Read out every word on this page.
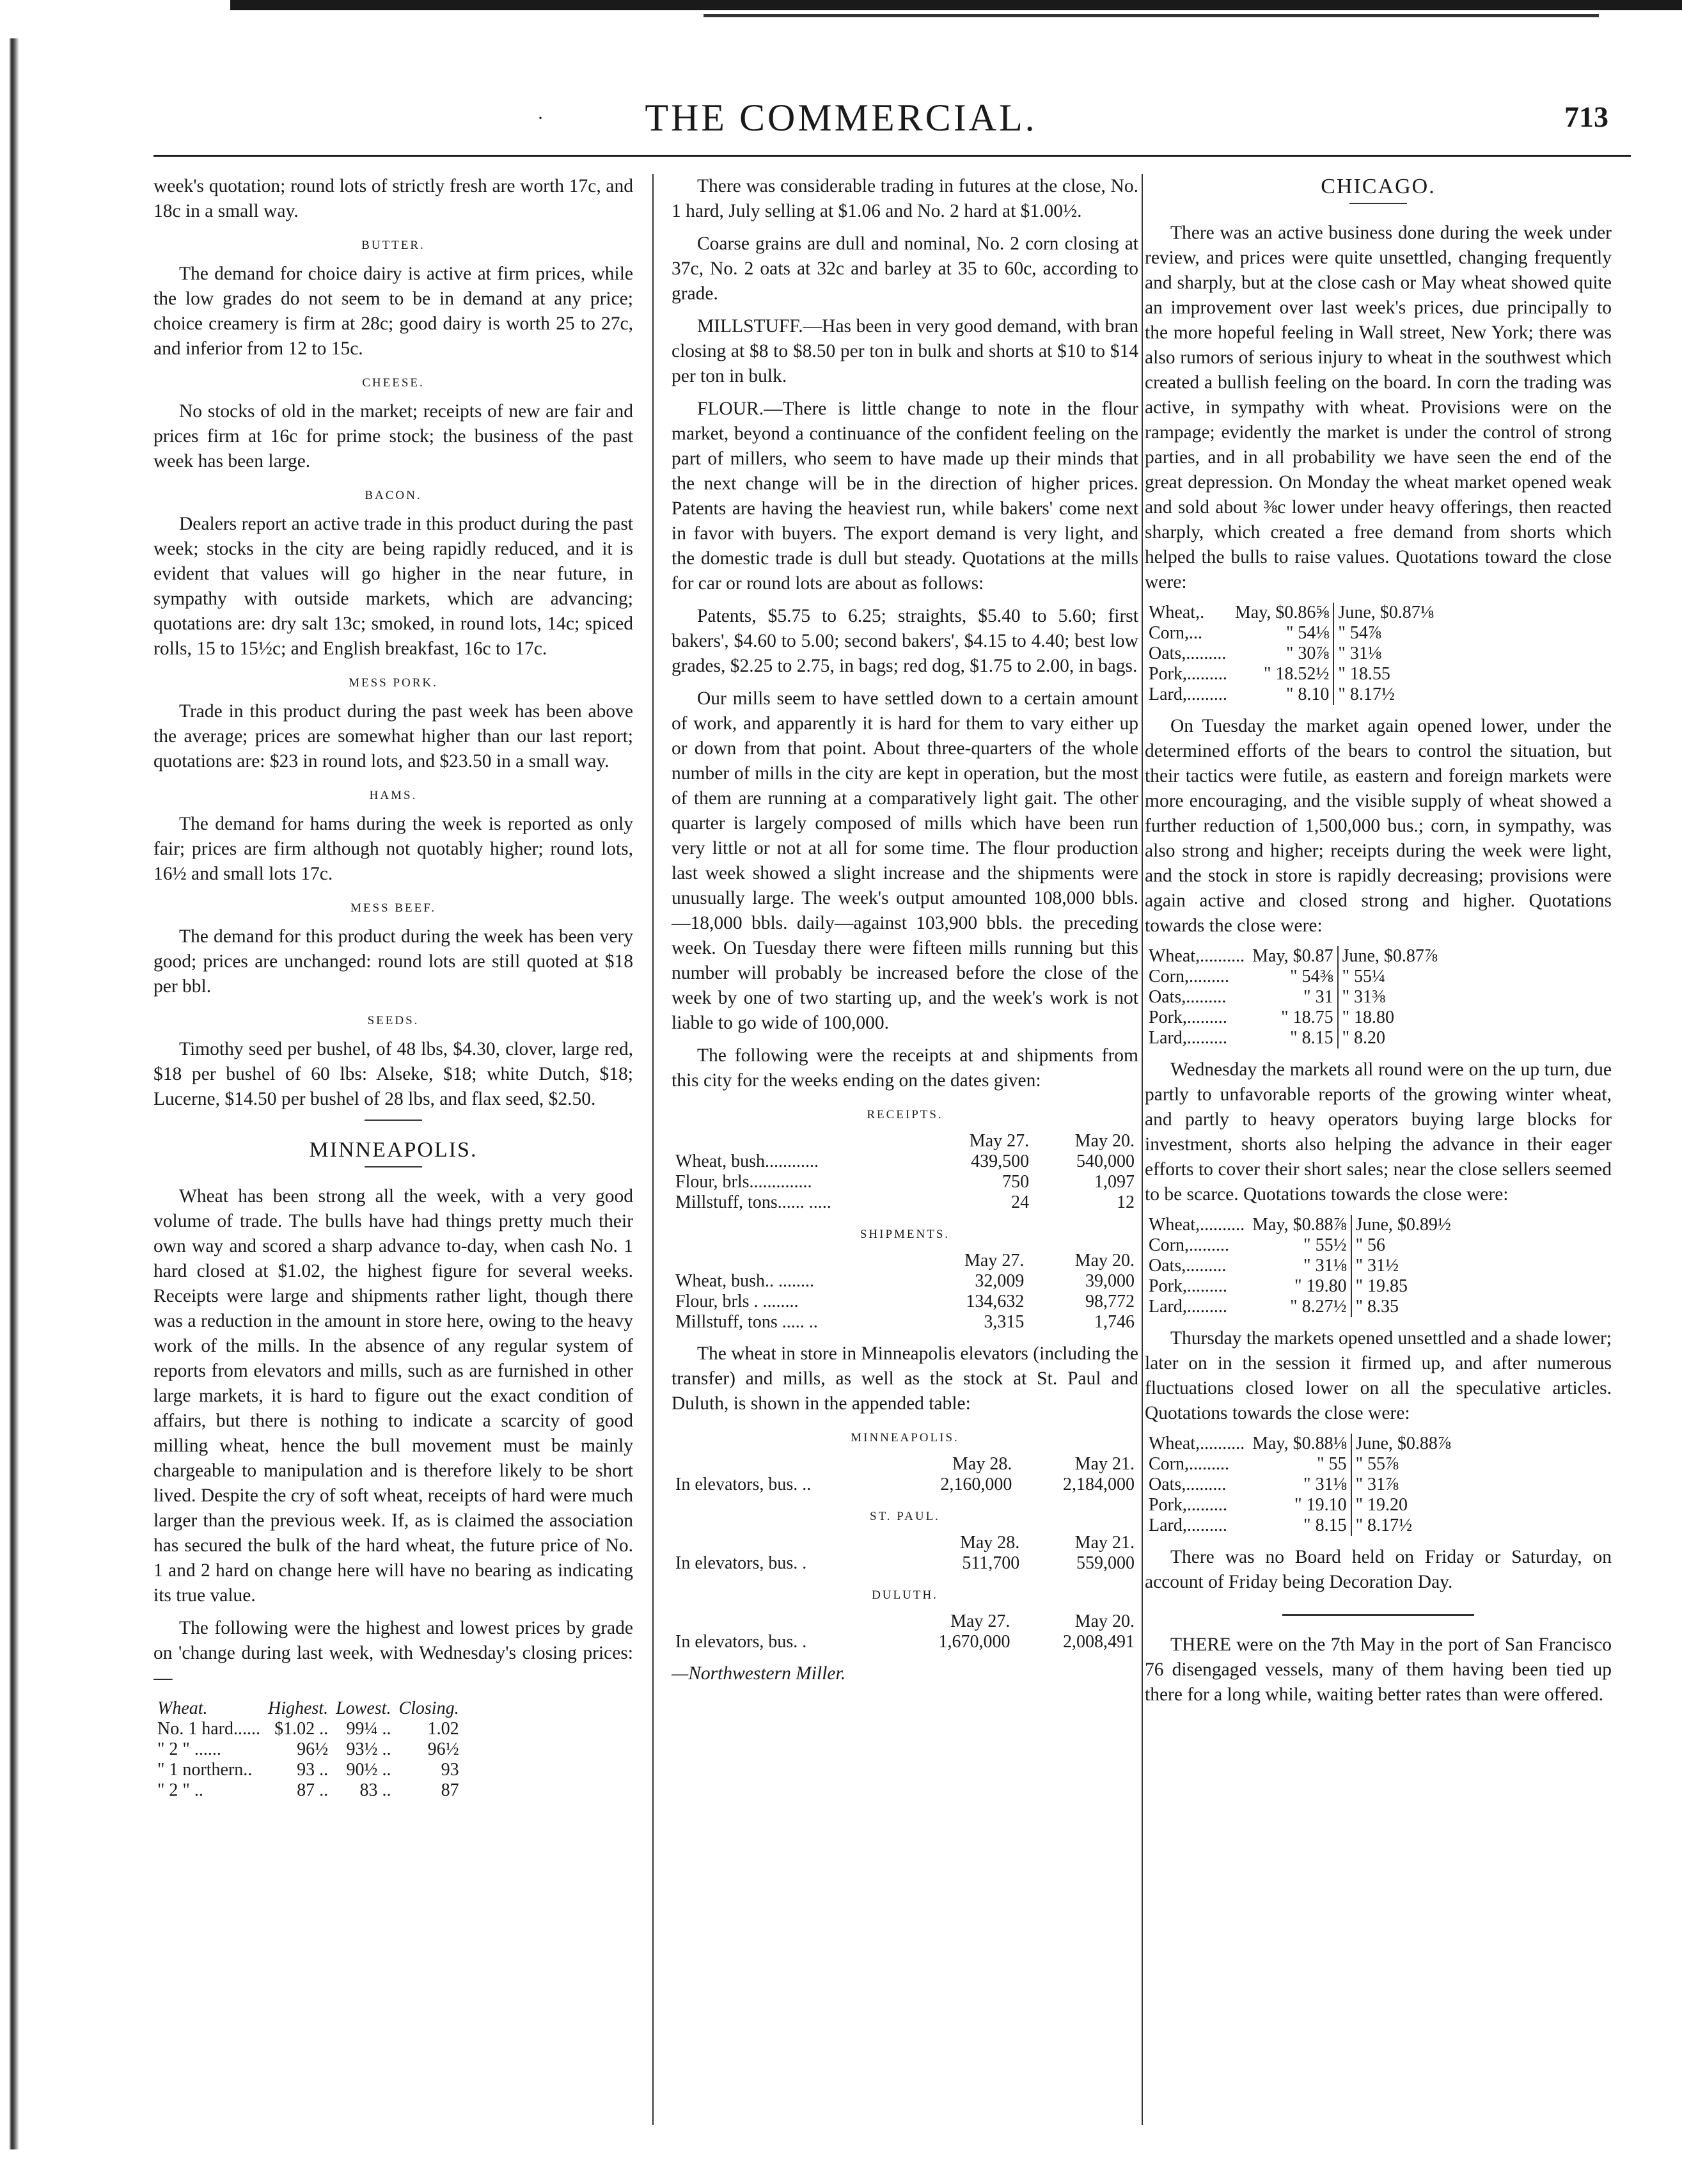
·	THE COMMERCIAL.	713

week's quotation; round lots of strictly fresh are worth 17c, and 18c in a small way.

BUTTER.

The demand for choice dairy is active at firm prices, while the low grades do not seem to be in demand at any price; choice creamery is firm at 28c; good dairy is worth 25 to 27c, and inferior from 12 to 15c.

CHEESE.

No stocks of old in the market; receipts of new are fair and prices firm at 16c for prime stock; the business of the past week has been large.

BACON.

Dealers report an active trade in this product during the past week; stocks in the city are being rapidly reduced, and it is evident that values will go higher in the near future, in sympathy with outside markets, which are advancing; quotations are: dry salt 13c; smoked, in round lots, 14c; spiced rolls, 15 to 15½c; and English breakfast, 16c to 17c.

MESS PORK.

Trade in this product during the past week has been above the average; prices are somewhat higher than our last report; quotations are: $23 in round lots, and $23.50 in a small way.

HAMS.

The demand for hams during the week is reported as only fair; prices are firm although not quotably higher; round lots, 16½ and small lots 17c.

MESS BEEF.

The demand for this product during the week has been very good; prices are unchanged: round lots are still quoted at $18 per bbl.

SEEDS.

Timothy seed per bushel, of 48 lbs, $4.30, clover, large red, $18 per bushel of 60 lbs: Alseke, $18; white Dutch, $18; Lucerne, $14.50 per bushel of 28 lbs, and flax seed, $2.50.

MINNEAPOLIS.

Wheat has been strong all the week, with a very good volume of trade. The bulls have had things pretty much their own way and scored a sharp advance to-day, when cash No. 1 hard closed at $1.02, the highest figure for several weeks. Receipts were large and shipments rather light, though there was a reduction in the amount in store here, owing to the heavy work of the mills. In the absence of any regular system of reports from elevators and mills, such as are furnished in other large markets, it is hard to figure out the exact condition of affairs, but there is nothing to indicate a scarcity of good milling wheat, hence the bull movement must be mainly chargeable to manipulation and is therefore likely to be short lived. Despite the cry of soft wheat, receipts of hard were much larger than the previous week. If, as is claimed the association has secured the bulk of the hard wheat, the future price of No. 1 and 2 hard on change here will have no bearing as indicating its true value.

The following were the highest and lowest prices by grade on 'change during last week, with Wednesday's closing prices:—

Wheat.	Highest.	Lowest.	Closing.
No. 1 hard......	$1.02 ..	99¼ ..	1.02
" 2 " ......	96½	93½ ..	96½
" 1 northern..	93 ..	90½ ..	93
" 2 " ..	87 ..	83 ..	87

There was considerable trading in futures at the close, No. 1 hard, July selling at $1.06 and No. 2 hard at $1.00½.

Coarse grains are dull and nominal, No. 2 corn closing at 37c, No. 2 oats at 32c and barley at 35 to 60c, according to grade.

MILLSTUFF.—Has been in very good demand, with bran closing at $8 to $8.50 per ton in bulk and shorts at $10 to $14 per ton in bulk.

FLOUR.—There is little change to note in the flour market, beyond a continuance of the confident feeling on the part of millers, who seem to have made up their minds that the next change will be in the direction of higher prices. Patents are having the heaviest run, while bakers' come next in favor with buyers. The export demand is very light, and the domestic trade is dull but steady. Quotations at the mills for car or round lots are about as follows:

Patents, $5.75 to 6.25; straights, $5.40 to 5.60; first bakers', $4.60 to 5.00; second bakers', $4.15 to 4.40; best low grades, $2.25 to 2.75, in bags; red dog, $1.75 to 2.00, in bags.

Our mills seem to have settled down to a certain amount of work, and apparently it is hard for them to vary either up or down from that point. About three-quarters of the whole number of mills in the city are kept in operation, but the most of them are running at a comparatively light gait. The other quarter is largely composed of mills which have been run very little or not at all for some time. The flour production last week showed a slight increase and the shipments were unusually large. The week's output amounted 108,000 bbls.—18,000 bbls. daily—against 103,900 bbls. the preceding week. On Tuesday there were fifteen mills running but this number will probably be increased before the close of the week by one of two starting up, and the week's work is not liable to go wide of 100,000.

The following were the receipts at and shipments from this city for the weeks ending on the dates given:

RECEIPTS.
	May 27.	May 20.
Wheat, bush............	439,500	540,000
Flour, brls..............	750	1,097
Millstuff, tons...... .....	24	12
SHIPMENTS.
	May 27.	May 20.
Wheat, bush.. ........	32,009	39,000
Flour, brls . ........	134,632	98,772
Millstuff, tons ..... ..	3,315	1,746

The wheat in store in Minneapolis elevators (including the transfer) and mills, as well as the stock at St. Paul and Duluth, is shown in the appended table:

MINNEAPOLIS.
	May 28.	May 21.
In elevators, bus. ..	2,160,000	2,184,000
ST. PAUL.
	May 28.	May 21.
In elevators, bus. .	511,700	559,000
DULUTH.
	May 27.	May 20.
In elevators, bus. .	1,670,000	2,008,491

—Northwestern Miller.

CHICAGO.

There was an active business done during the week under review, and prices were quite unsettled, changing frequently and sharply, but at the close cash or May wheat showed quite an improvement over last week's prices, due principally to the more hopeful feeling in Wall street, New York; there was also rumors of serious injury to wheat in the southwest which created a bullish feeling on the board. In corn the trading was active, in sympathy with wheat. Provisions were on the rampage; evidently the market is under the control of strong parties, and in all probability we have seen the end of the great depression. On Monday the wheat market opened weak and sold about ⅜c lower under heavy offerings, then reacted sharply, which created a free demand from shorts which helped the bulls to raise values. Quotations toward the close were:

Wheat,.	May, $0.86⅝	June, $0.87⅛
Corn,...	" 54⅛	" 54⅞
Oats,.........	" 30⅞	" 31⅛
Pork,.........	" 18.52½	" 18.55
Lard,.........	" 8.10	" 8.17½

On Tuesday the market again opened lower, under the determined efforts of the bears to control the situation, but their tactics were futile, as eastern and foreign markets were more encouraging, and the visible supply of wheat showed a further reduction of 1,500,000 bus.; corn, in sympathy, was also strong and higher; receipts during the week were light, and the stock in store is rapidly decreasing; provisions were again active and closed strong and higher. Quotations towards the close were:

Wheat,..........	May, $0.87	June, $0.87⅞
Corn,.........	" 54⅜	" 55¼
Oats,.........	" 31	" 31⅜
Pork,.........	" 18.75	" 18.80
Lard,.........	" 8.15	" 8.20

Wednesday the markets all round were on the up turn, due partly to unfavorable reports of the growing winter wheat, and partly to heavy operators buying large blocks for investment, shorts also helping the advance in their eager efforts to cover their short sales; near the close sellers seemed to be scarce. Quotations towards the close were:

Wheat,..........	May, $0.88⅞	June, $0.89½
Corn,.........	" 55½	" 56
Oats,.........	" 31⅛	" 31½
Pork,.........	" 19.80	" 19.85
Lard,.........	" 8.27½	" 8.35

Thursday the markets opened unsettled and a shade lower; later on in the session it firmed up, and after numerous fluctuations closed lower on all the speculative articles. Quotations towards the close were:

Wheat,..........	May, $0.88⅛	June, $0.88⅞
Corn,.........	" 55	" 55⅞
Oats,.........	" 31⅛	" 31⅞
Pork,.........	" 19.10	" 19.20
Lard,.........	" 8.15	" 8.17½

There was no Board held on Friday or Saturday, on account of Friday being Decoration Day.

THERE were on the 7th May in the port of San Francisco 76 disengaged vessels, many of them having been tied up there for a long while, waiting better rates than were offered.
